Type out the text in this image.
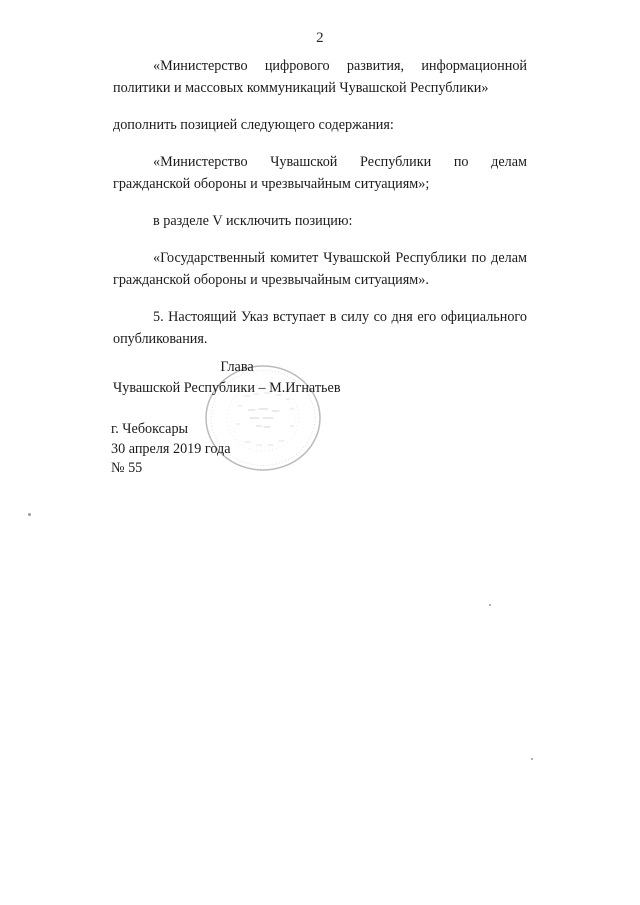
2

«Министерство цифрового развития, информационной политики и массовых коммуникаций Чувашской Республики»

дополнить позицией следующего содержания:

«Министерство Чувашской Республики по делам гражданской обороны и чрезвычайным ситуациям»;

в разделе V исключить позицию:

«Государственный комитет Чувашской Республики по делам гражданской обороны и чрезвычайным ситуациям».

5. Настоящий Указ вступает в силу со дня его официального опубликования.

Глава

Чувашской Республики – М.Игнатьев

г. Чебоксары

30 апреля 2019 года

№ 55
